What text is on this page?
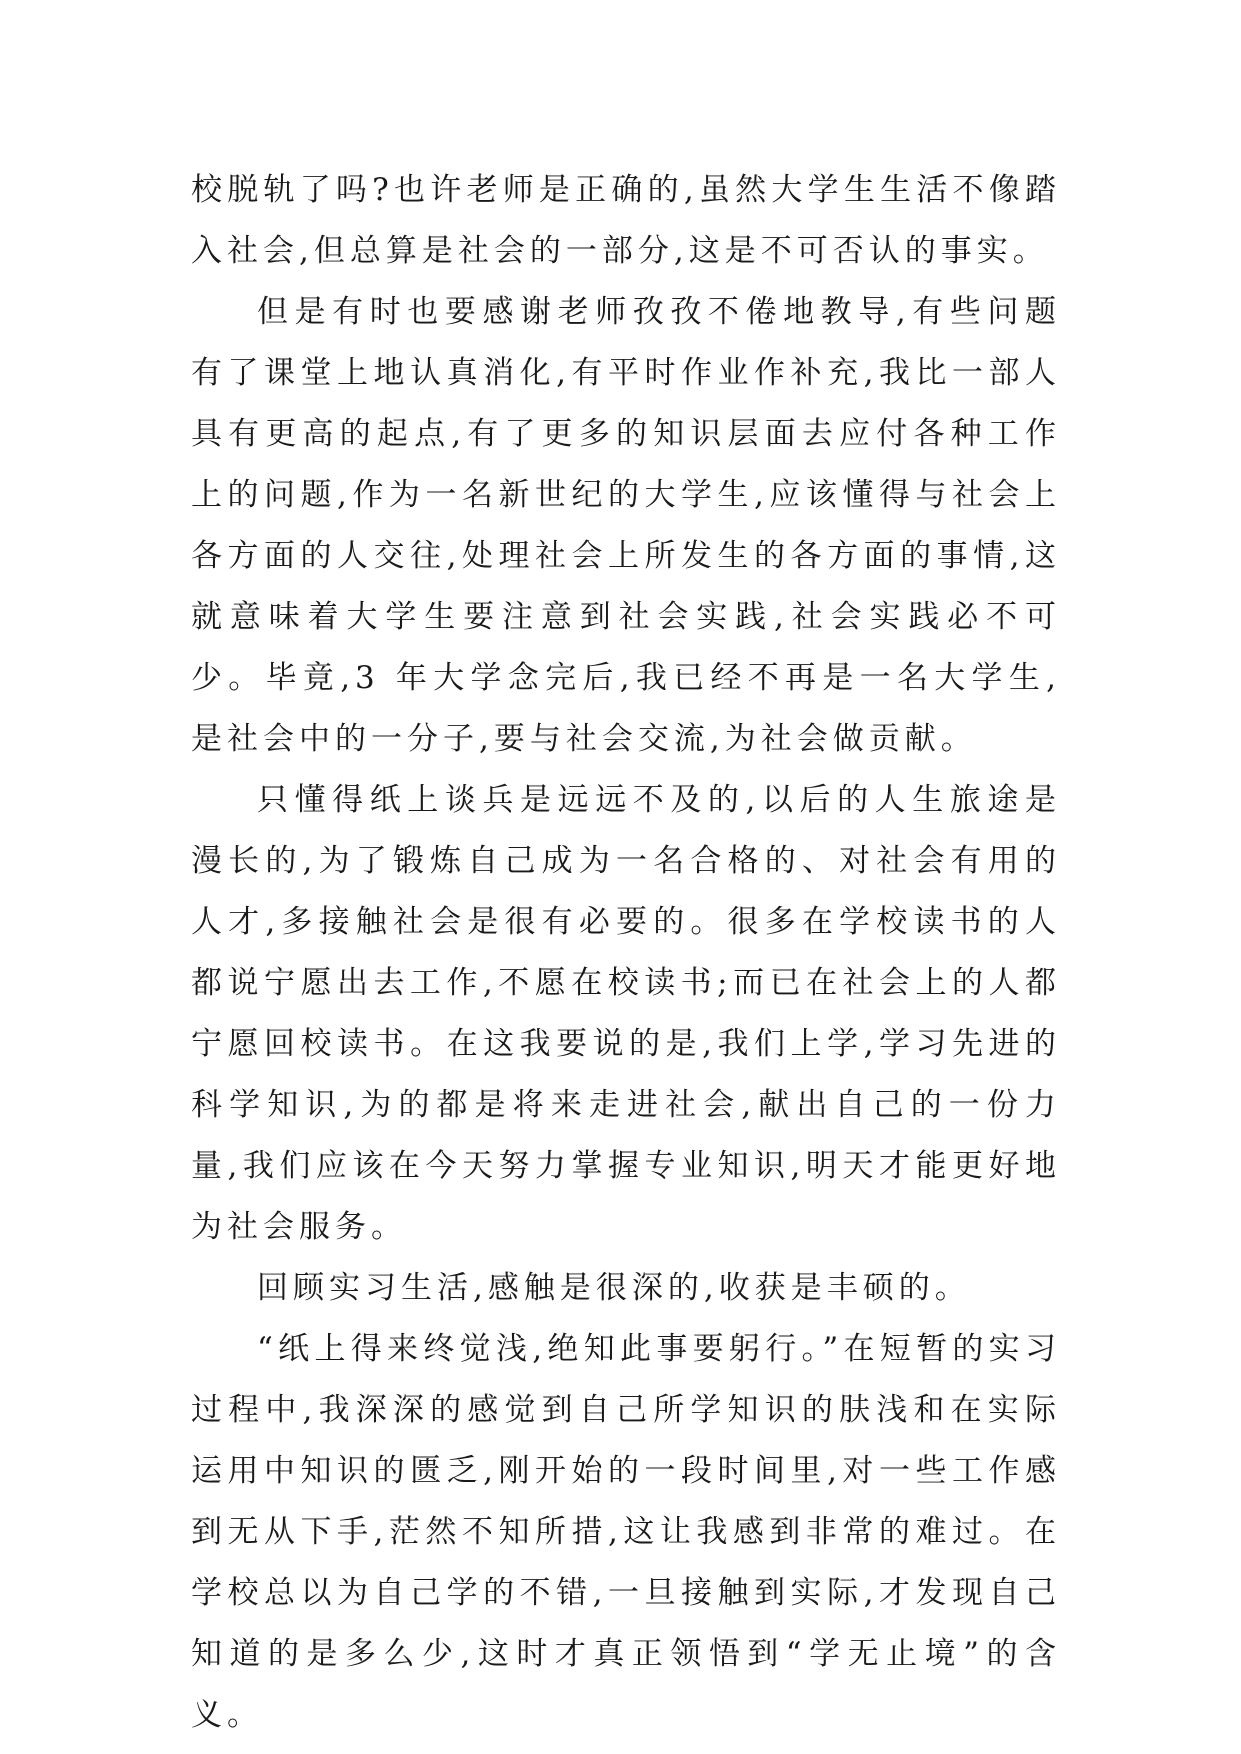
校脱轨了吗?也许老师是正确的,虽然大学生生活不像踏入社会,但总算是社会的一部分,这是不可否认的事实。

但是有时也要感谢老师孜孜不倦地教导,有些问题有了课堂上地认真消化,有平时作业作补充,我比一部人具有更高的起点,有了更多的知识层面去应付各种工作上的问题,作为一名新世纪的大学生,应该懂得与社会上各方面的人交往,处理社会上所发生的各方面的事情,这就意味着大学生要注意到社会实践,社会实践必不可少。毕竟,3 年大学念完后,我已经不再是一名大学生,是社会中的一分子,要与社会交流,为社会做贡献。

只懂得纸上谈兵是远远不及的,以后的人生旅途是漫长的,为了锻炼自己成为一名合格的、对社会有用的人才,多接触社会是很有必要的。很多在学校读书的人都说宁愿出去工作,不愿在校读书;而已在社会上的人都宁愿回校读书。在这我要说的是,我们上学,学习先进的科学知识,为的都是将来走进社会,献出自己的一份力量,我们应该在今天努力掌握专业知识,明天才能更好地为社会服务。

回顾实习生活,感触是很深的,收获是丰硕的。

“纸上得来终觉浅,绝知此事要躬行。”在短暂的实习过程中,我深深的感觉到自己所学知识的肤浅和在实际运用中知识的匮乏,刚开始的一段时间里,对一些工作感到无从下手,茫然不知所措,这让我感到非常的难过。在学校总以为自己学的不错,一旦接触到实际,才发现自己知道的是多么少,这时才真正领悟到“学无止境”的含义。
